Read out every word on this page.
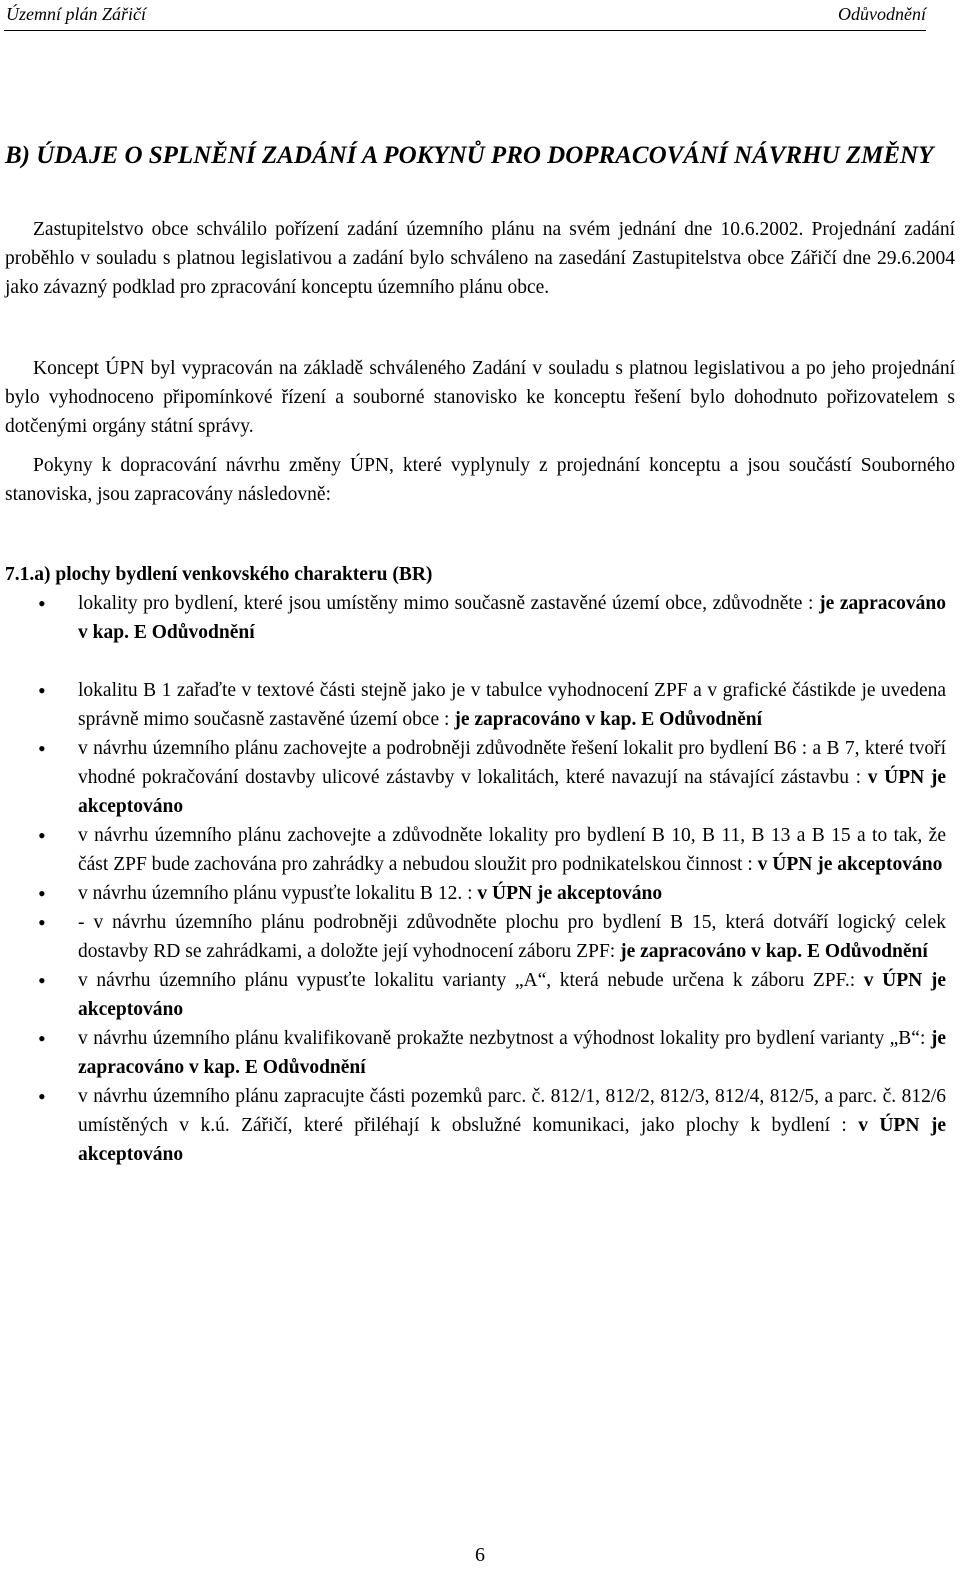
Územní plán Zářičí	Odůvodnění
B) ÚDAJE O SPLNĚNÍ ZADÁNÍ A POKYNŮ PRO DOPRACOVÁNÍ NÁVRHU ZMĚNY

Zastupitelstvo obce schválilo pořízení zadání územního plánu na svém jednání dne 10.6.2002. Projednání zadání proběhlo v souladu s platnou legislativou a zadání bylo schváleno na zasedání Zastupitelstva obce Zářičí dne 29.6.2004 jako závazný podklad pro zpracování konceptu územního plánu obce.

Koncept ÚPN byl vypracován na základě schváleného Zadání v souladu s platnou legislativou a po jeho projednání bylo vyhodnoceno připomínkové řízení a souborné stanovisko ke konceptu řešení bylo dohodnuto pořizovatelem s dotčenými orgány státní správy.

Pokyny k dopracování návrhu změny ÚPN, které vyplynuly z projednání konceptu a jsou součástí Souborného stanoviska, jsou zapracovány následovně:

7.1.a) plochy bydlení venkovského charakteru (BR)
• lokality pro bydlení, které jsou umístěny mimo současně zastavěné území obce, zdůvodněte : je zapracováno v kap. E Odůvodnění
• lokalitu B 1 zařaďte v textové části stejně jako je v tabulce vyhodnocení ZPF a v grafické částikde je uvedena správně mimo současně zastavěné území obce : je zapracováno v kap. E Odůvodnění
• v návrhu územního plánu zachovejte a podrobněji zdůvodněte řešení lokalit pro bydlení B6 : a B 7, které tvoří vhodné pokračování dostavby ulicové zástavby v lokalitách, které navazují na stávající zástavbu : v ÚPN je akceptováno
• v návrhu územního plánu zachovejte a zdůvodněte lokality pro bydlení B 10, B 11, B 13 a B 15 a to tak, že část ZPF bude zachována pro zahrádky a nebudou sloužit pro podnikatelskou činnost : v ÚPN je akceptováno
• v návrhu územního plánu vypusťte lokalitu B 12. : v ÚPN je akceptováno
• - v návrhu územního plánu podrobněji zdůvodněte plochu pro bydlení B 15, která dotváří logický celek dostavby RD se zahrádkami, a doložte její vyhodnocení záboru ZPF: je zapracováno v kap. E Odůvodnění
• v návrhu územního plánu vypusťte lokalitu varianty „A“, která nebude určena k záboru ZPF.: v ÚPN je akceptováno
• v návrhu územního plánu kvalifikovaně prokažte nezbytnost a výhodnost lokality pro bydlení varianty „B“: je zapracováno v kap. E Odůvodnění
• v návrhu územního plánu zapracujte části pozemků parc. č. 812/1, 812/2, 812/3, 812/4, 812/5, a parc. č. 812/6 umístěných v k.ú. Zářičí, které přiléhají k obslužné komunikaci, jako plochy k bydlení : v ÚPN je akceptováno
6
